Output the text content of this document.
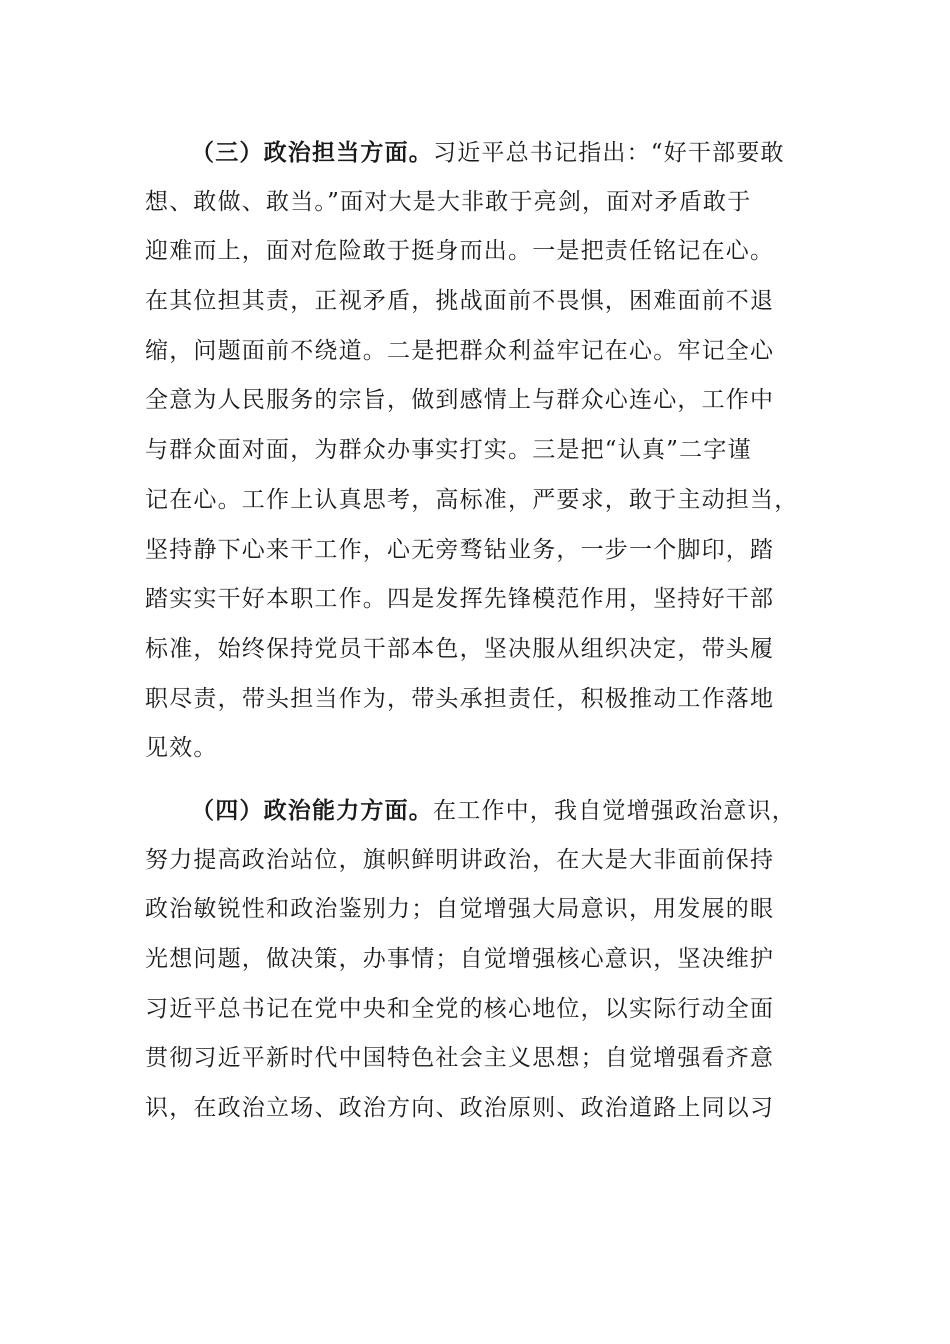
（三）政治担当方面。习近平总书记指出：“好干部要敢
想、敢做、敢当。”面对大是大非敢于亮剑，面对矛盾敢于
迎难而上，面对危险敢于挺身而出。一是把责任铭记在心。
在其位担其责，正视矛盾，挑战面前不畏惧，困难面前不退
缩，问题面前不绕道。二是把群众利益牢记在心。牢记全心
全意为人民服务的宗旨，做到感情上与群众心连心，工作中
与群众面对面，为群众办事实打实。三是把“认真”二字谨
记在心。工作上认真思考，高标准，严要求，敢于主动担当，
坚持静下心来干工作，心无旁骛钻业务，一步一个脚印，踏
踏实实干好本职工作。四是发挥先锋模范作用，坚持好干部
标准，始终保持党员干部本色，坚决服从组织决定，带头履
职尽责，带头担当作为，带头承担责任，积极推动工作落地
见效。
（四）政治能力方面。在工作中，我自觉增强政治意识，
努力提高政治站位，旗帜鲜明讲政治，在大是大非面前保持
政治敏锐性和政治鉴别力；自觉增强大局意识，用发展的眼
光想问题，做决策，办事情；自觉增强核心意识，坚决维护
习近平总书记在党中央和全党的核心地位，以实际行动全面
贯彻习近平新时代中国特色社会主义思想；自觉增强看齐意
识，在政治立场、政治方向、政治原则、政治道路上同以习
